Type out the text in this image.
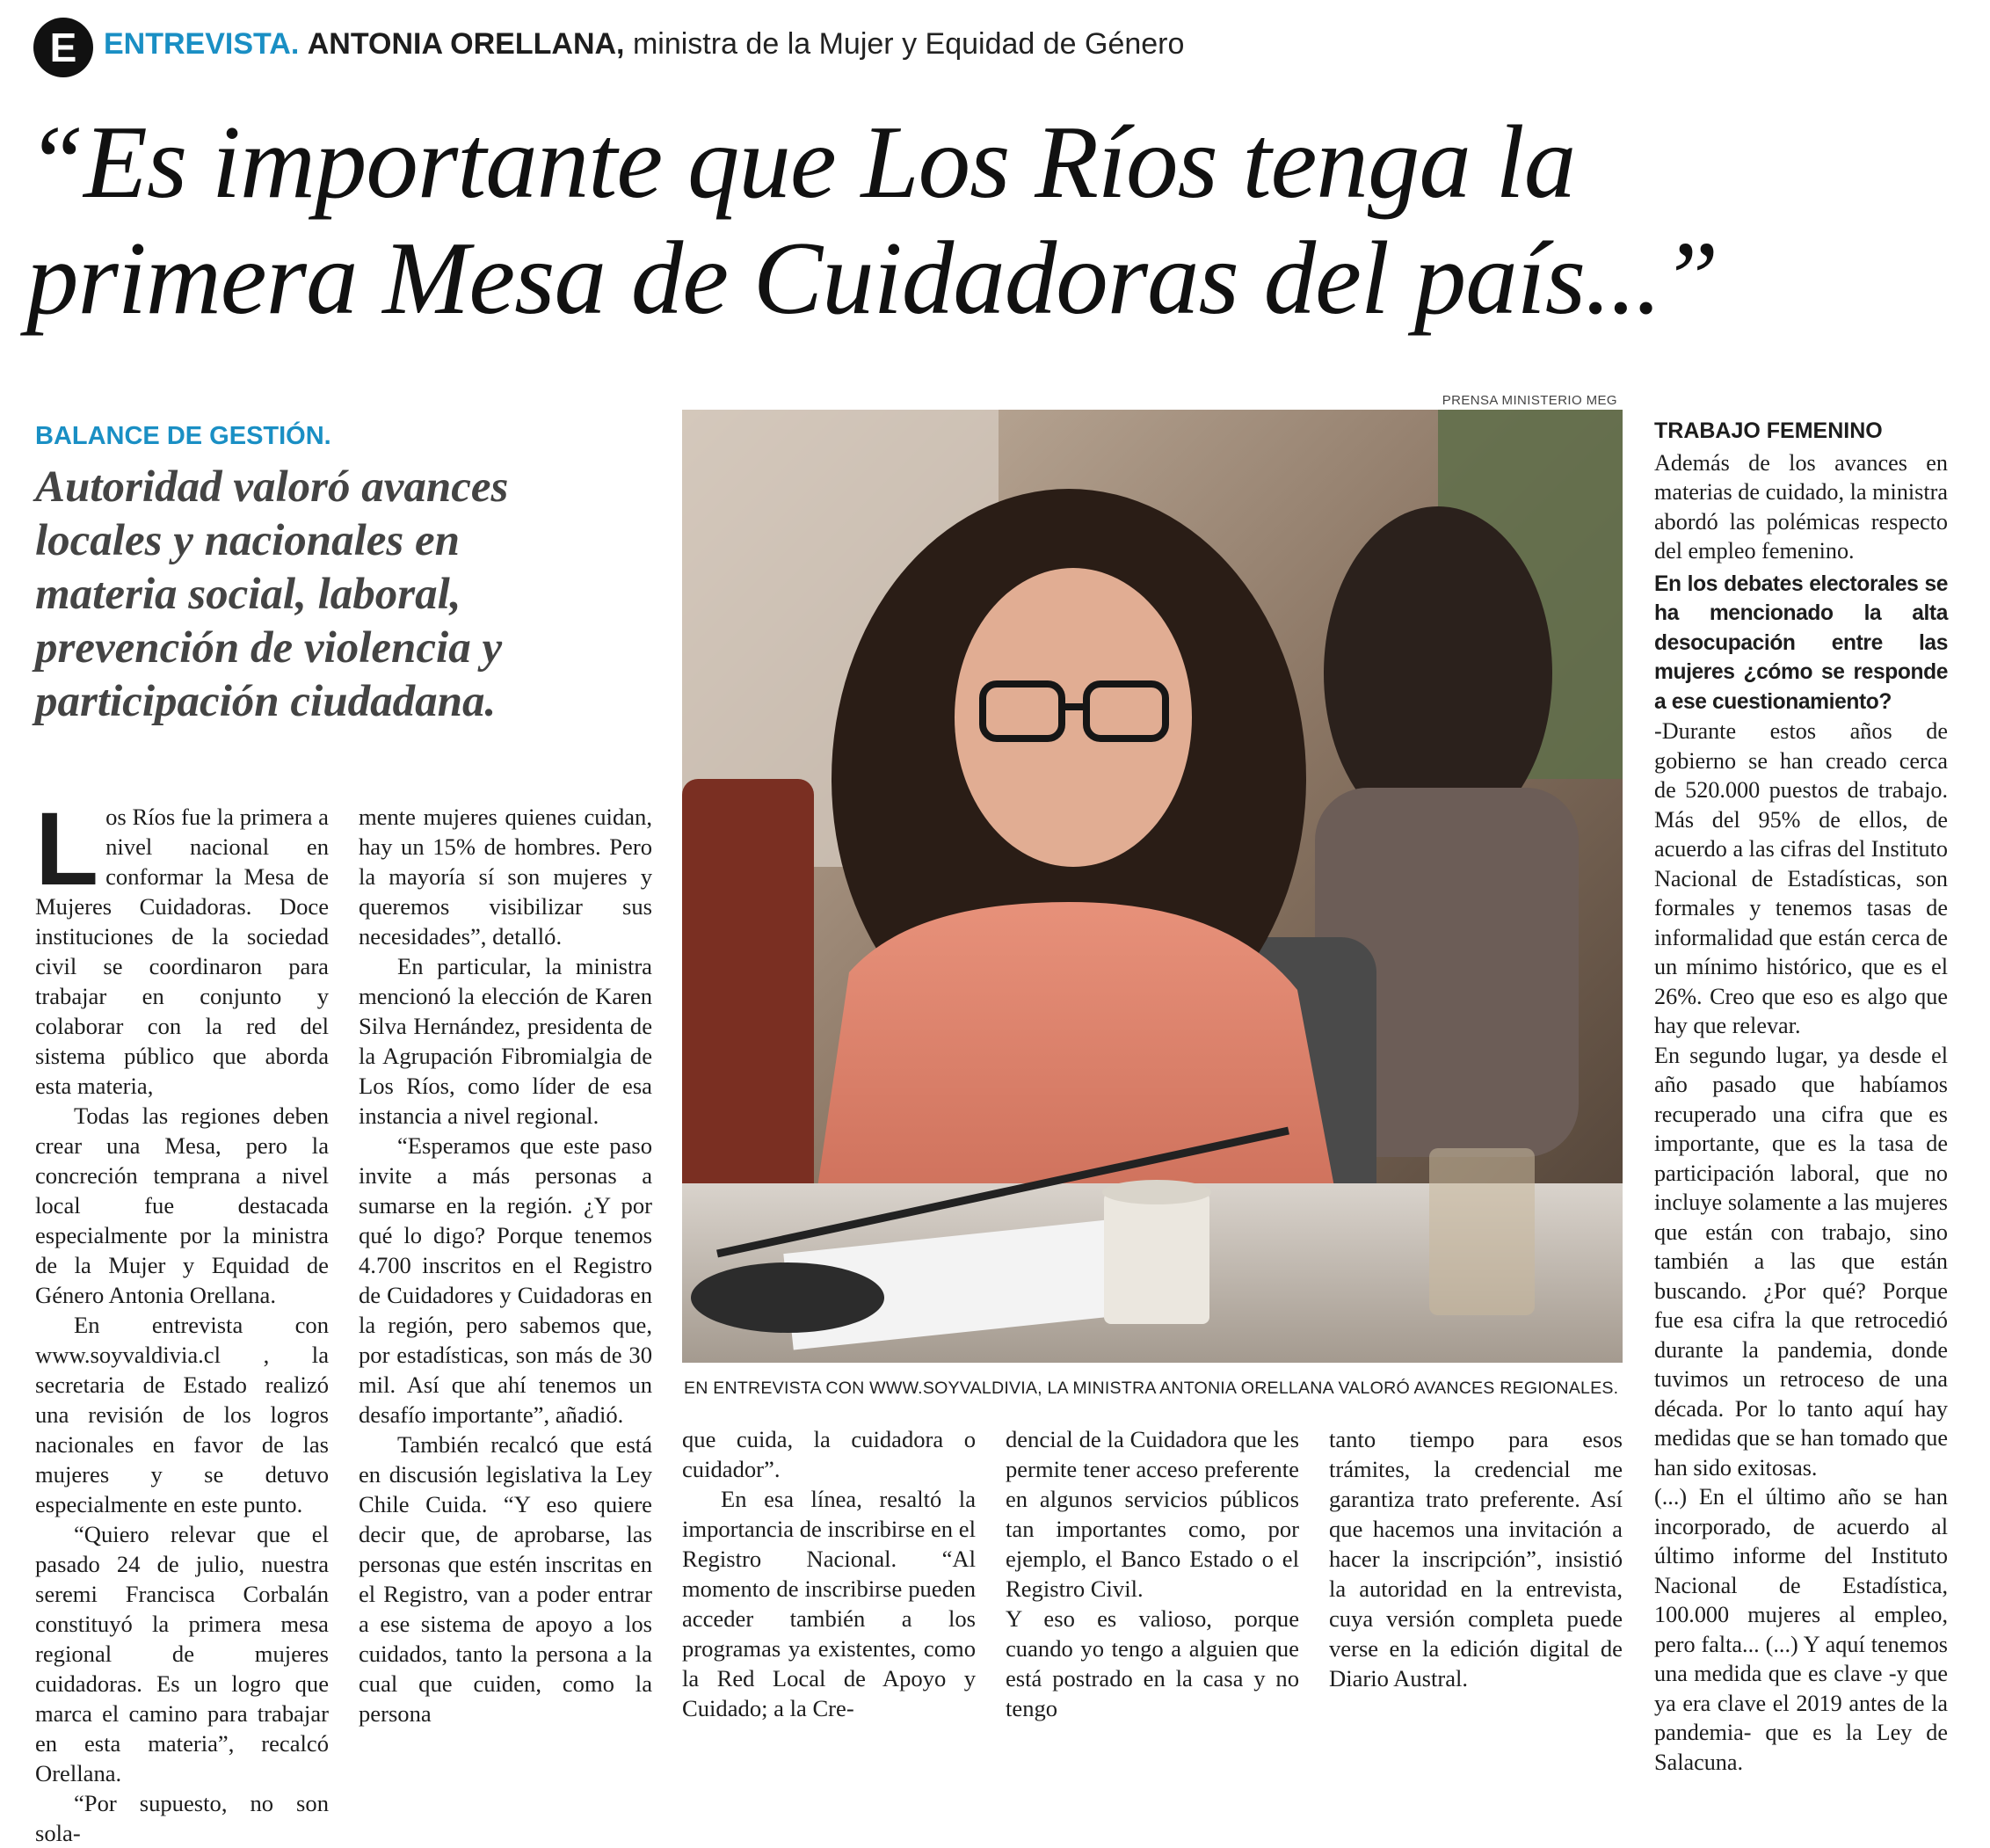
E ENTREVISTA. ANTONIA ORELLANA, ministra de la Mujer y Equidad de Género
“Es importante que Los Ríos tenga la
primera Mesa de Cuidadoras del país...”
BALANCE DE GESTIÓN.
Autoridad valoró avances
locales y nacionales en
materia social, laboral,
prevención de violencia y
participación ciudadana.
PRENSA MINISTERIO MEG
EN ENTREVISTA CON WWW.SOYVALDIVIA, LA MINISTRA ANTONIA ORELLANA VALORÓ AVANCES REGIONALES.

Los Ríos fue la primera a nivel nacional en conformar la Mesa de Mujeres Cuidadoras. Doce instituciones de la sociedad civil se coordinaron para trabajar en conjunto y colaborar con la red del sistema público que aborda esta materia,

Todas las regiones deben crear una Mesa, pero la concreción temprana a nivel local fue destacada especialmente por la ministra de la Mujer y Equidad de Género Antonia Orellana.

En entrevista con www.soyvaldivia.cl , la secretaria de Estado realizó una revisión de los logros nacionales en favor de las mujeres y se detuvo especialmente en este punto.

“Quiero relevar que el pasado 24 de julio, nuestra seremi Francisca Corbalán constituyó la primera mesa regional de mujeres cuidadoras. Es un logro que marca el camino para trabajar en esta materia”, recalcó Orellana.

“Por supuesto, no son sola-

mente mujeres quienes cuidan, hay un 15% de hombres. Pero la mayoría sí son mujeres y queremos visibilizar sus necesidades”, detalló.

En particular, la ministra mencionó la elección de Karen Silva Hernández, presidenta de la Agrupación Fibromialgia de Los Ríos, como líder de esa instancia a nivel regional.

“Esperamos que este paso invite a más personas a sumarse en la región. ¿Y por qué lo digo? Porque tenemos 4.700 inscritos en el Registro de Cuidadores y Cuidadoras en la región, pero sabemos que, por estadísticas, son más de 30 mil. Así que ahí tenemos un desafío importante”, añadió.

También recalcó que está en discusión legislativa la Ley Chile Cuida. “Y eso quiere decir que, de aprobarse, las personas que estén inscritas en el Registro, van a poder entrar a ese sistema de apoyo a los cuidados, tanto la persona a la cual que cuiden, como la persona

que cuida, la cuidadora o cuidador”.

En esa línea, resaltó la importancia de inscribirse en el Registro Nacional. “Al momento de inscribirse pueden acceder también a los programas ya existentes, como la Red Local de Apoyo y Cuidado; a la Cre-

dencial de la Cuidadora que les permite tener acceso preferente en algunos servicios públicos tan importantes como, por ejemplo, el Banco Estado o el Registro Civil.

Y eso es valioso, porque cuando yo tengo a alguien que está postrado en la casa y no tengo

tanto tiempo para esos trámites, la credencial me garantiza trato preferente. Así que hacemos una invitación a hacer la inscripción”, insistió la autoridad en la entrevista, cuya versión completa puede verse en la edición digital de Diario Austral.

TRABAJO FEMENINO

Además de los avances en materias de cuidado, la ministra abordó las polémicas respecto del empleo femenino.

En los debates electorales se ha mencionado la alta desocupación entre las mujeres ¿cómo se responde a ese cuestionamiento?

-Durante estos años de gobierno se han creado cerca de 520.000 puestos de trabajo. Más del 95% de ellos, de acuerdo a las cifras del Instituto Nacional de Estadísticas, son formales y tenemos tasas de informalidad que están cerca de un mínimo histórico, que es el 26%. Creo que eso es algo que hay que relevar.

En segundo lugar, ya desde el año pasado que habíamos recuperado una cifra que es importante, que es la tasa de participación laboral, que no incluye solamente a las mujeres que están con trabajo, sino también a las que están buscando. ¿Por qué? Porque fue esa cifra la que retrocedió durante la pandemia, donde tuvimos un retroceso de una década. Por lo tanto aquí hay medidas que se han tomado que han sido exitosas.

(...) En el último año se han incorporado, de acuerdo al último informe del Instituto Nacional de Estadística, 100.000 mujeres al empleo, pero falta... (...) Y aquí tenemos una medida que es clave -y que ya era clave el 2019 antes de la pandemia- que es la Ley de Salacuna.
